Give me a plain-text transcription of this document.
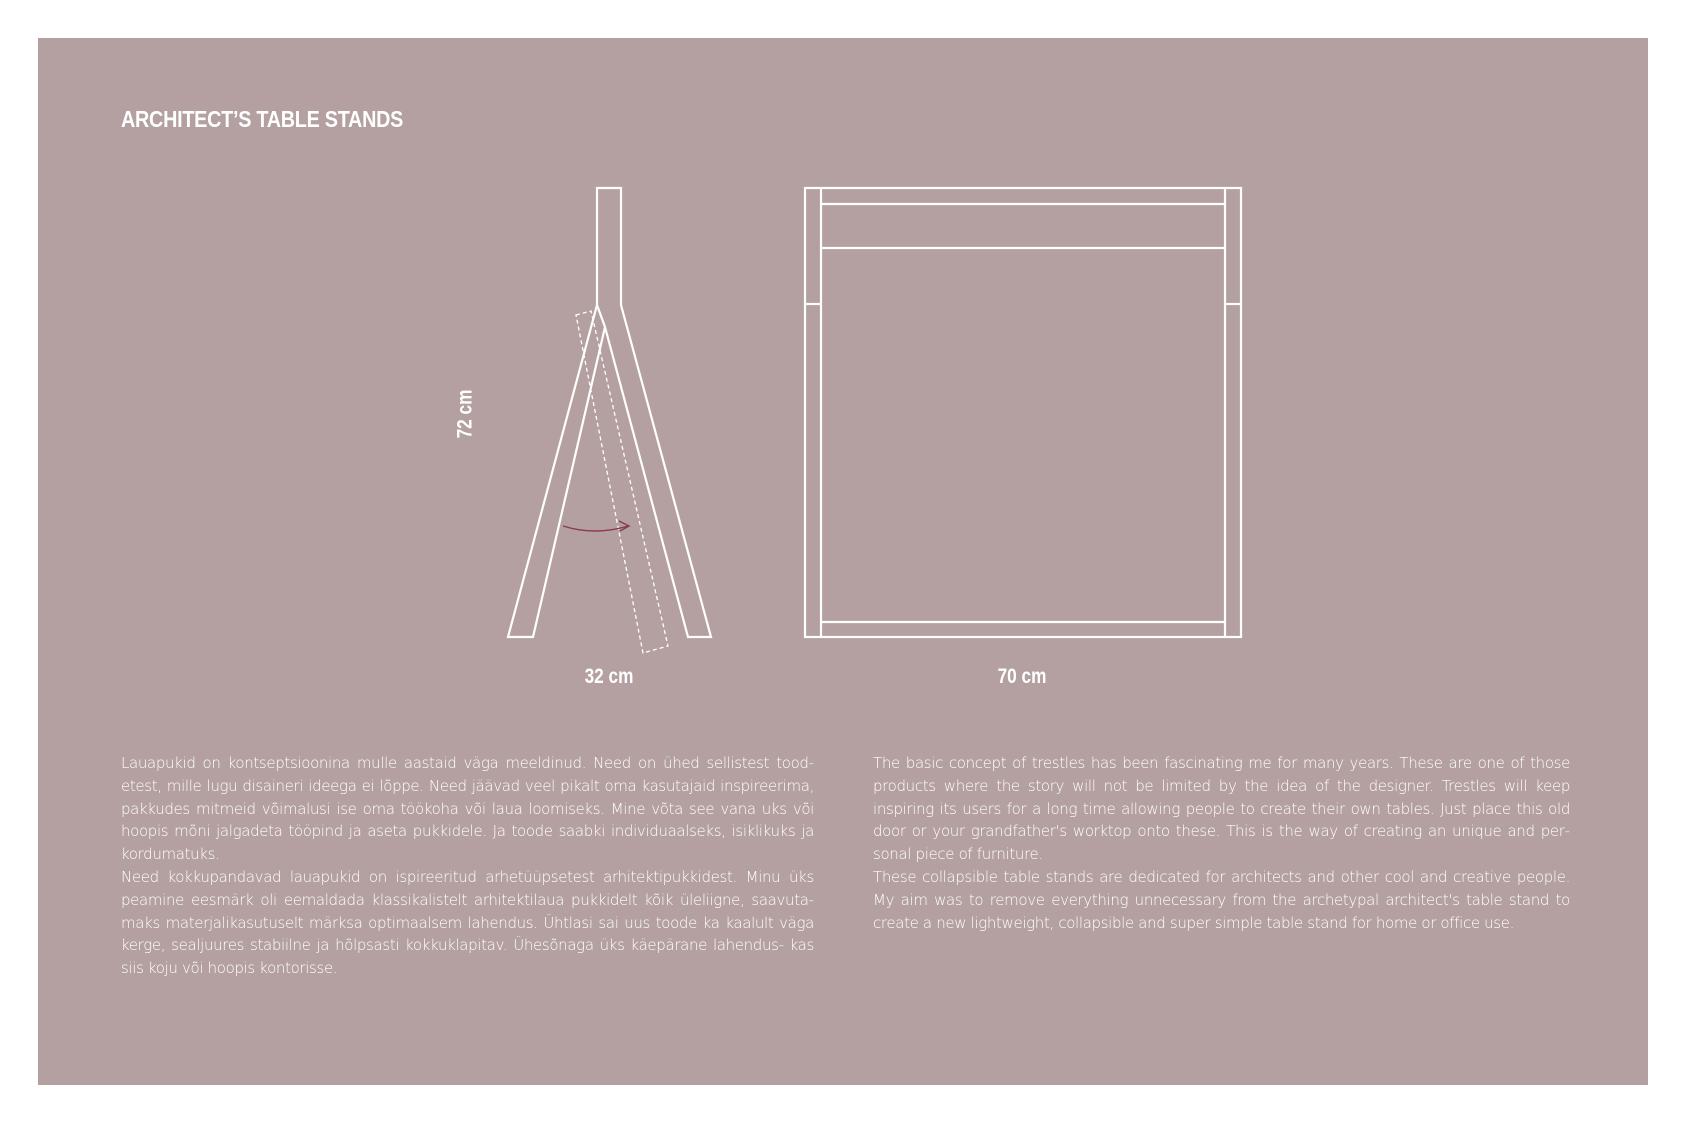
ARCHITECT’S TABLE STANDS
72 cm
32 cm	70 cm

Lauapukid on kontseptsioonina mulle aastaid väga meeldinud. Need on ühed sellistest toodetest, mille lugu disaineri ideega ei lõppe. Need jäävad veel pikalt oma kasutajaid inspireerima, pakkudes mitmeid võimalusi ise oma töökoha või laua loomiseks. Mine võta see vana uks või hoopis mõni jalgadeta tööpind ja aseta pukkidele. Ja toode saabki individuaalseks, isiklikuks ja kordumatuks.

Need kokkupandavad lauapukid on ispireeritud arhetüüpsetest arhitektipukkidest. Minu üks peamine eesmärk oli eemaldada klassikalistelt arhitektilaua pukkidelt kõik üleliigne, saavutamaks materjalikasutuselt märksa optimaalsem lahendus. Ühtlasi sai uus toode ka kaalult väga kerge, sealjuures stabiilne ja hõlpsasti kokkuklapitav. Ühesõnaga üks käepärane lahendus- kas siis koju või hoopis kontorisse.

The basic concept of trestles has been fascinating me for many years. These are one of those products where the story will not be limited by the idea of the designer. Trestles will keep inspiring its users for a long time allowing people to create their own tables. Just place this old door or your grandfather's worktop onto these. This is the way of creating an unique and personal piece of furniture.

These collapsible table stands are dedicated for architects and other cool and creative people. My aim was to remove everything unnecessary from the archetypal architect's table stand to create a new lightweight, collapsible and super simple table stand for home or office use.
